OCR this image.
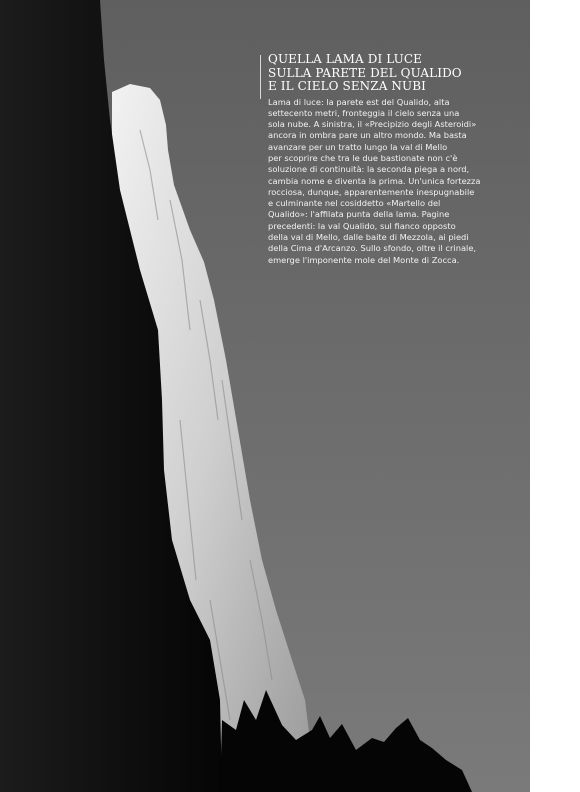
QUELLA LAMA DI LUCE
SULLA PARETE DEL QUALIDO
E IL CIELO SENZA NUBI

Lama di luce: la parete est del Qualido, alta
settecento metri, fronteggia il cielo senza una
sola nube. A sinistra, il «Precipizio degli Asteroidi»
ancora in ombra pare un altro mondo. Ma basta
avanzare per un tratto lungo la val di Mello
per scoprire che tra le due bastionate non c'è
soluzione di continuità: la seconda piega a nord,
cambia nome e diventa la prima. Un'unica fortezza
rocciosa, dunque, apparentemente inespugnabile
e culminante nel cosiddetto «Martello del
Qualido»: l'affilata punta della lama. Pagine
precedenti: la val Qualido, sul fianco opposto
della val di Mello, dalle baite di Mezzola, ai piedi
della Cima d'Arcanzo. Sullo sfondo, oltre il crinale,
emerge l'imponente mole del Monte di Zocca.
